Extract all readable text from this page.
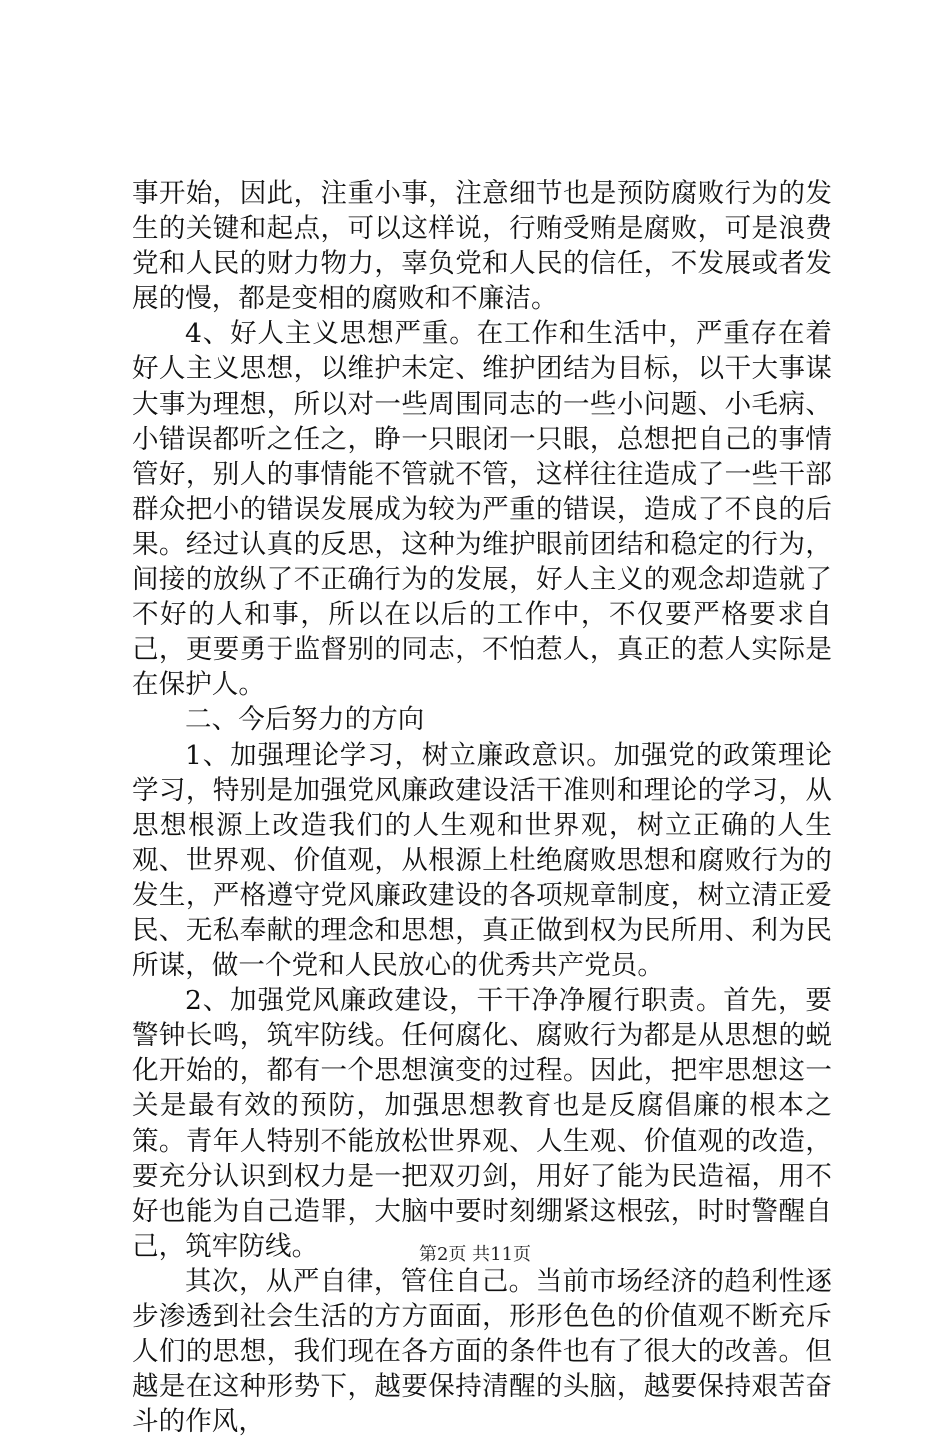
事开始，因此，注重小事，注意细节也是预防腐败行为的发生的关键和起点，可以这样说，行贿受贿是腐败，可是浪费党和人民的财力物力，辜负党和人民的信任，不发展或者发展的慢，都是变相的腐败和不廉洁。

4、好人主义思想严重。在工作和生活中，严重存在着好人主义思想，以维护未定、维护团结为目标，以干大事谋大事为理想，所以对一些周围同志的一些小问题、小毛病、小错误都听之任之，睁一只眼闭一只眼，总想把自己的事情管好，别人的事情能不管就不管，这样往往造成了一些干部群众把小的错误发展成为较为严重的错误，造成了不良的后果。经过认真的反思，这种为维护眼前团结和稳定的行为，间接的放纵了不正确行为的发展，好人主义的观念却造就了不好的人和事，所以在以后的工作中，不仅要严格要求自己，更要勇于监督别的同志，不怕惹人，真正的惹人实际是在保护人。

二、今后努力的方向

1、加强理论学习，树立廉政意识。加强党的政策理论学习，特别是加强党风廉政建设活干准则和理论的学习，从思想根源上改造我们的人生观和世界观，树立正确的人生观、世界观、价值观，从根源上杜绝腐败思想和腐败行为的发生，严格遵守党风廉政建设的各项规章制度，树立清正爱民、无私奉献的理念和思想，真正做到权为民所用、利为民所谋，做一个党和人民放心的优秀共产党员。

2、加强党风廉政建设，干干净净履行职责。首先，要警钟长鸣，筑牢防线。任何腐化、腐败行为都是从思想的蜕化开始的，都有一个思想演变的过程。因此，把牢思想这一关是最有效的预防，加强思想教育也是反腐倡廉的根本之策。青年人特别不能放松世界观、人生观、价值观的改造，要充分认识到权力是一把双刃剑，用好了能为民造福，用不好也能为自己造罪，大脑中要时刻绷紧这根弦，时时警醒自己，筑牢防线。

其次，从严自律，管住自己。当前市场经济的趋利性逐步渗透到社会生活的方方面面，形形色色的价值观不断充斥人们的思想，我们现在各方面的条件也有了很大的改善。但越是在这种形势下，越要保持清醒的头脑，越要保持艰苦奋斗的作风，

第2页 共11页
